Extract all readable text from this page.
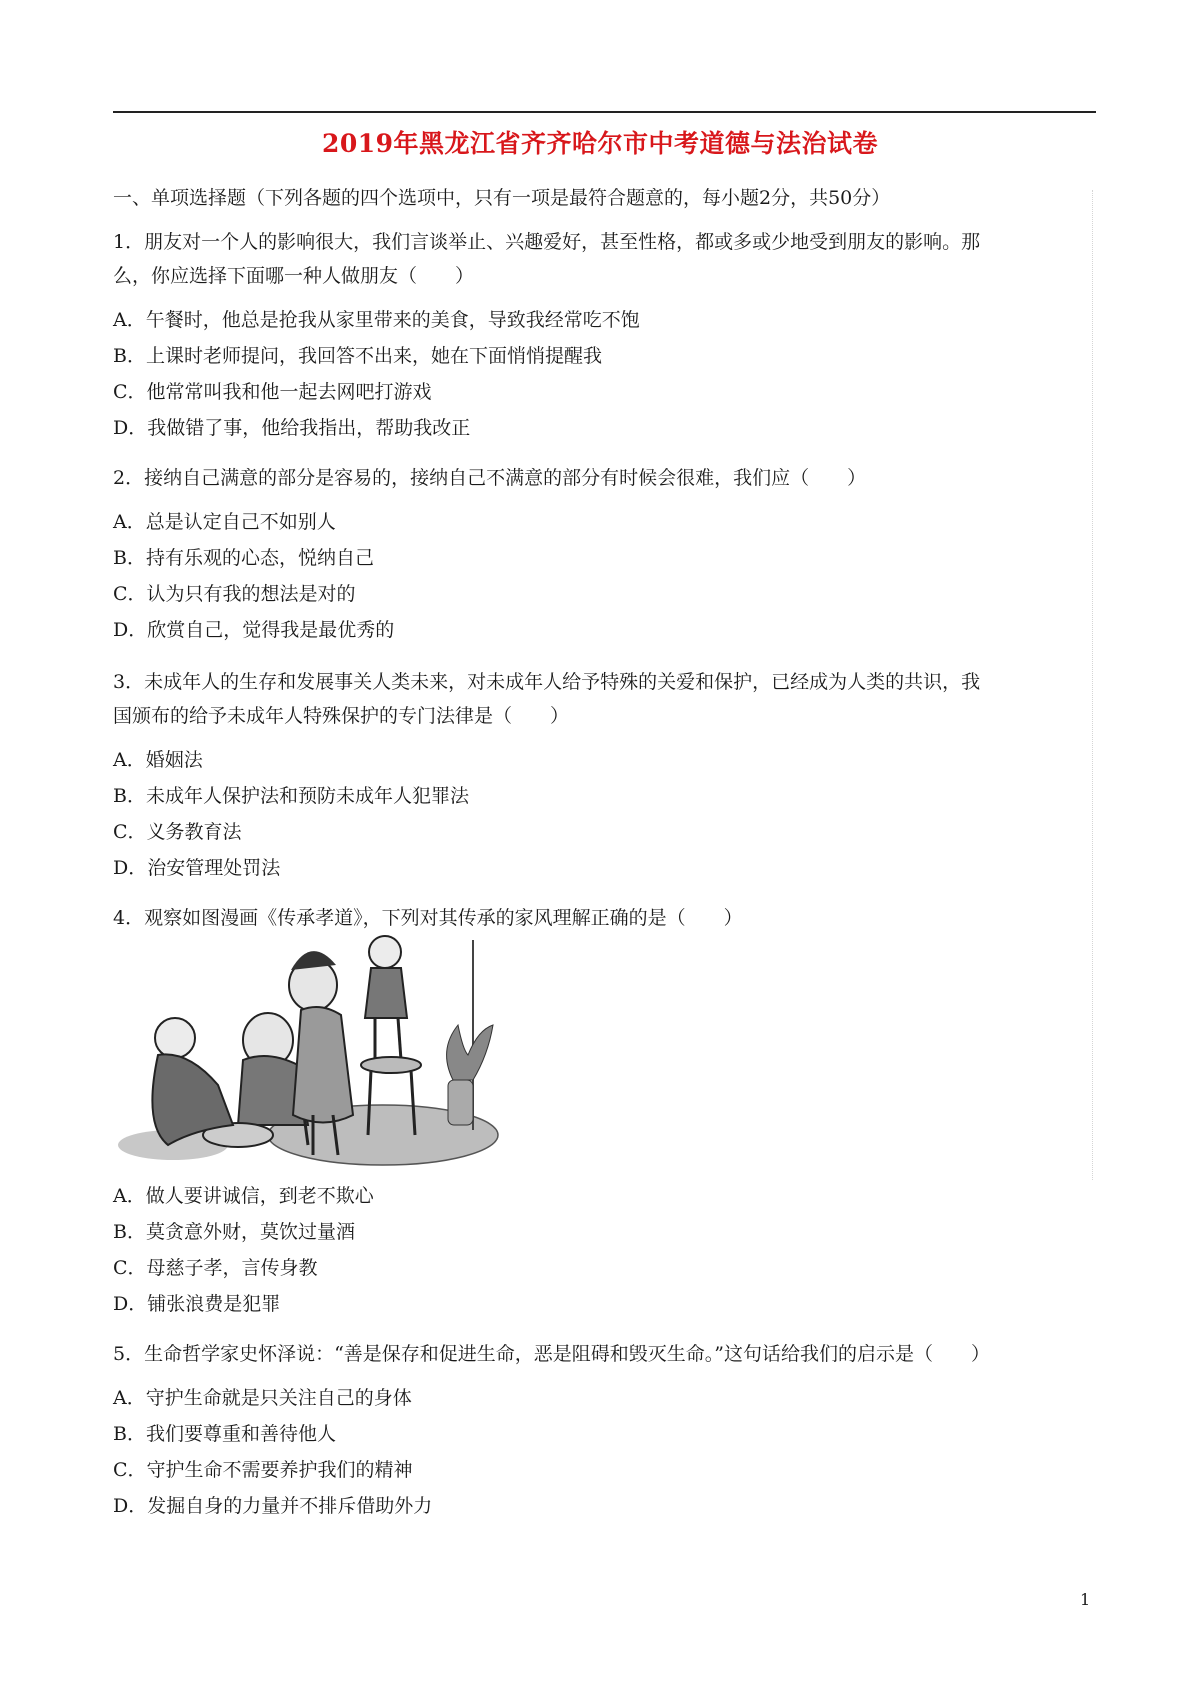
2019年黑龙江省齐齐哈尔市中考道德与法治试卷
一、单项选择题（下列各题的四个选项中，只有一项是最符合题意的，每小题2分，共50分）
1．朋友对一个人的影响很大，我们言谈举止、兴趣爱好，甚至性格，都或多或少地受到朋友的影响。那
么，你应选择下面哪一种人做朋友（　　）
A．午餐时，他总是抢我从家里带来的美食，导致我经常吃不饱
B．上课时老师提问，我回答不出来，她在下面悄悄提醒我
C．他常常叫我和他一起去网吧打游戏
D．我做错了事，他给我指出，帮助我改正
2．接纳自己满意的部分是容易的，接纳自己不满意的部分有时候会很难，我们应（　　）
A．总是认定自己不如别人
B．持有乐观的心态，悦纳自己
C．认为只有我的想法是对的
D．欣赏自己，觉得我是最优秀的
3．未成年人的生存和发展事关人类未来，对未成年人给予特殊的关爱和保护，已经成为人类的共识，我
国颁布的给予未成年人特殊保护的专门法律是（　　）
A．婚姻法
B．未成年人保护法和预防未成年人犯罪法
C．义务教育法
D．治安管理处罚法
4．观察如图漫画《传承孝道》，下列对其传承的家风理解正确的是（　　）
A．做人要讲诚信，到老不欺心
B．莫贪意外财，莫饮过量酒
C．母慈子孝，言传身教
D．铺张浪费是犯罪
5．生命哲学家史怀泽说：“善是保存和促进生命，恶是阻碍和毁灭生命。”这句话给我们的启示是（　　）
A．守护生命就是只关注自己的身体
B．我们要尊重和善待他人
C．守护生命不需要养护我们的精神
D．发掘自身的力量并不排斥借助外力
1
